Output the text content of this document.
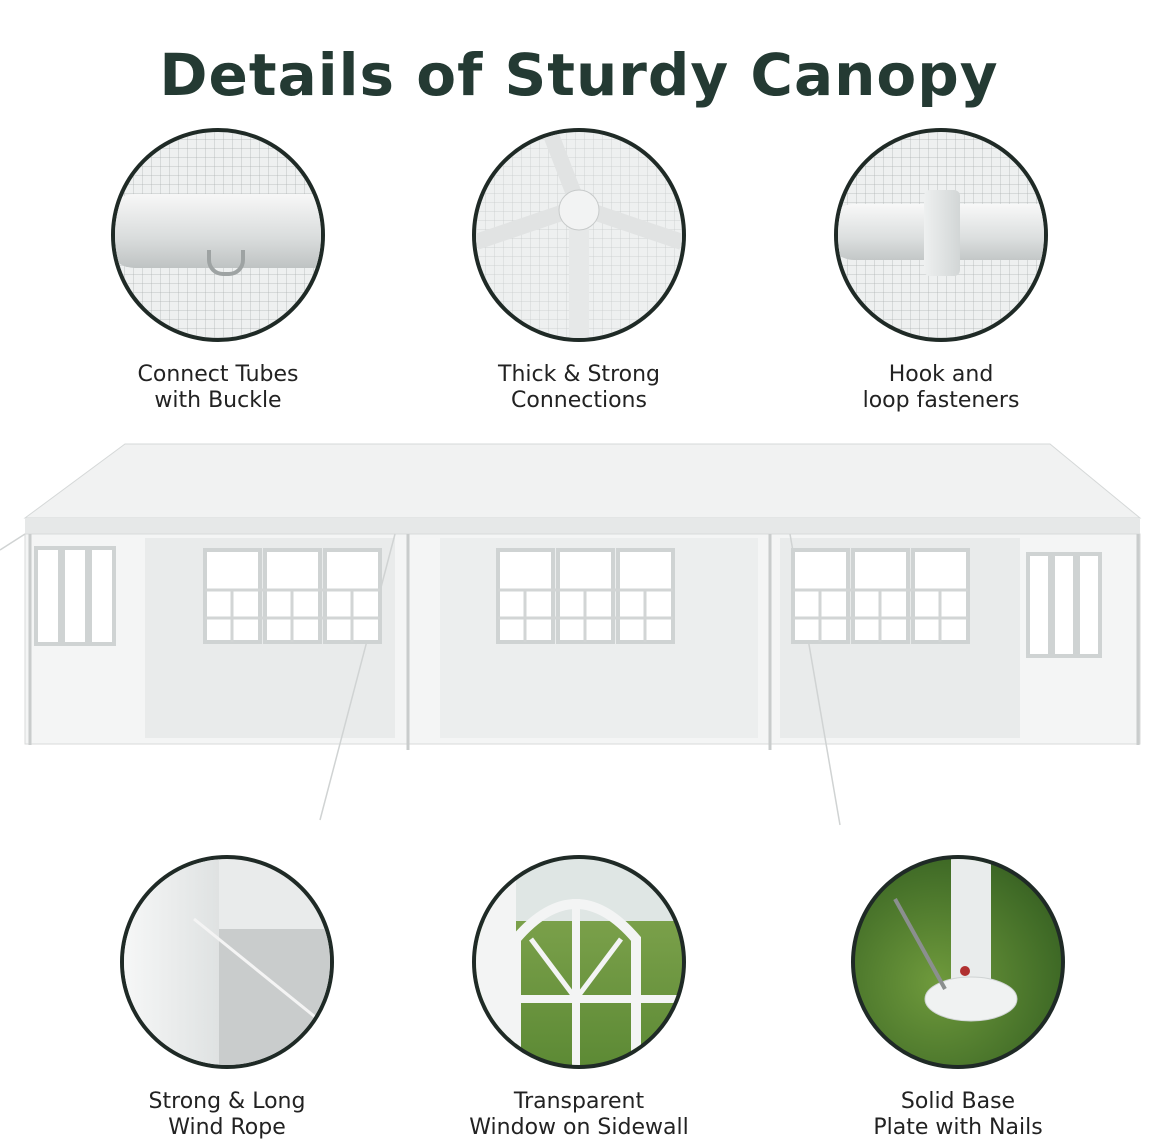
Details of Sturdy Canopy
Connect Tubes
with Buckle
Thick & Strong
Connections
Hook and
loop fasteners
Strong & Long
Wind Rope
Transparent
Window on Sidewall
Solid Base
Plate with Nails
